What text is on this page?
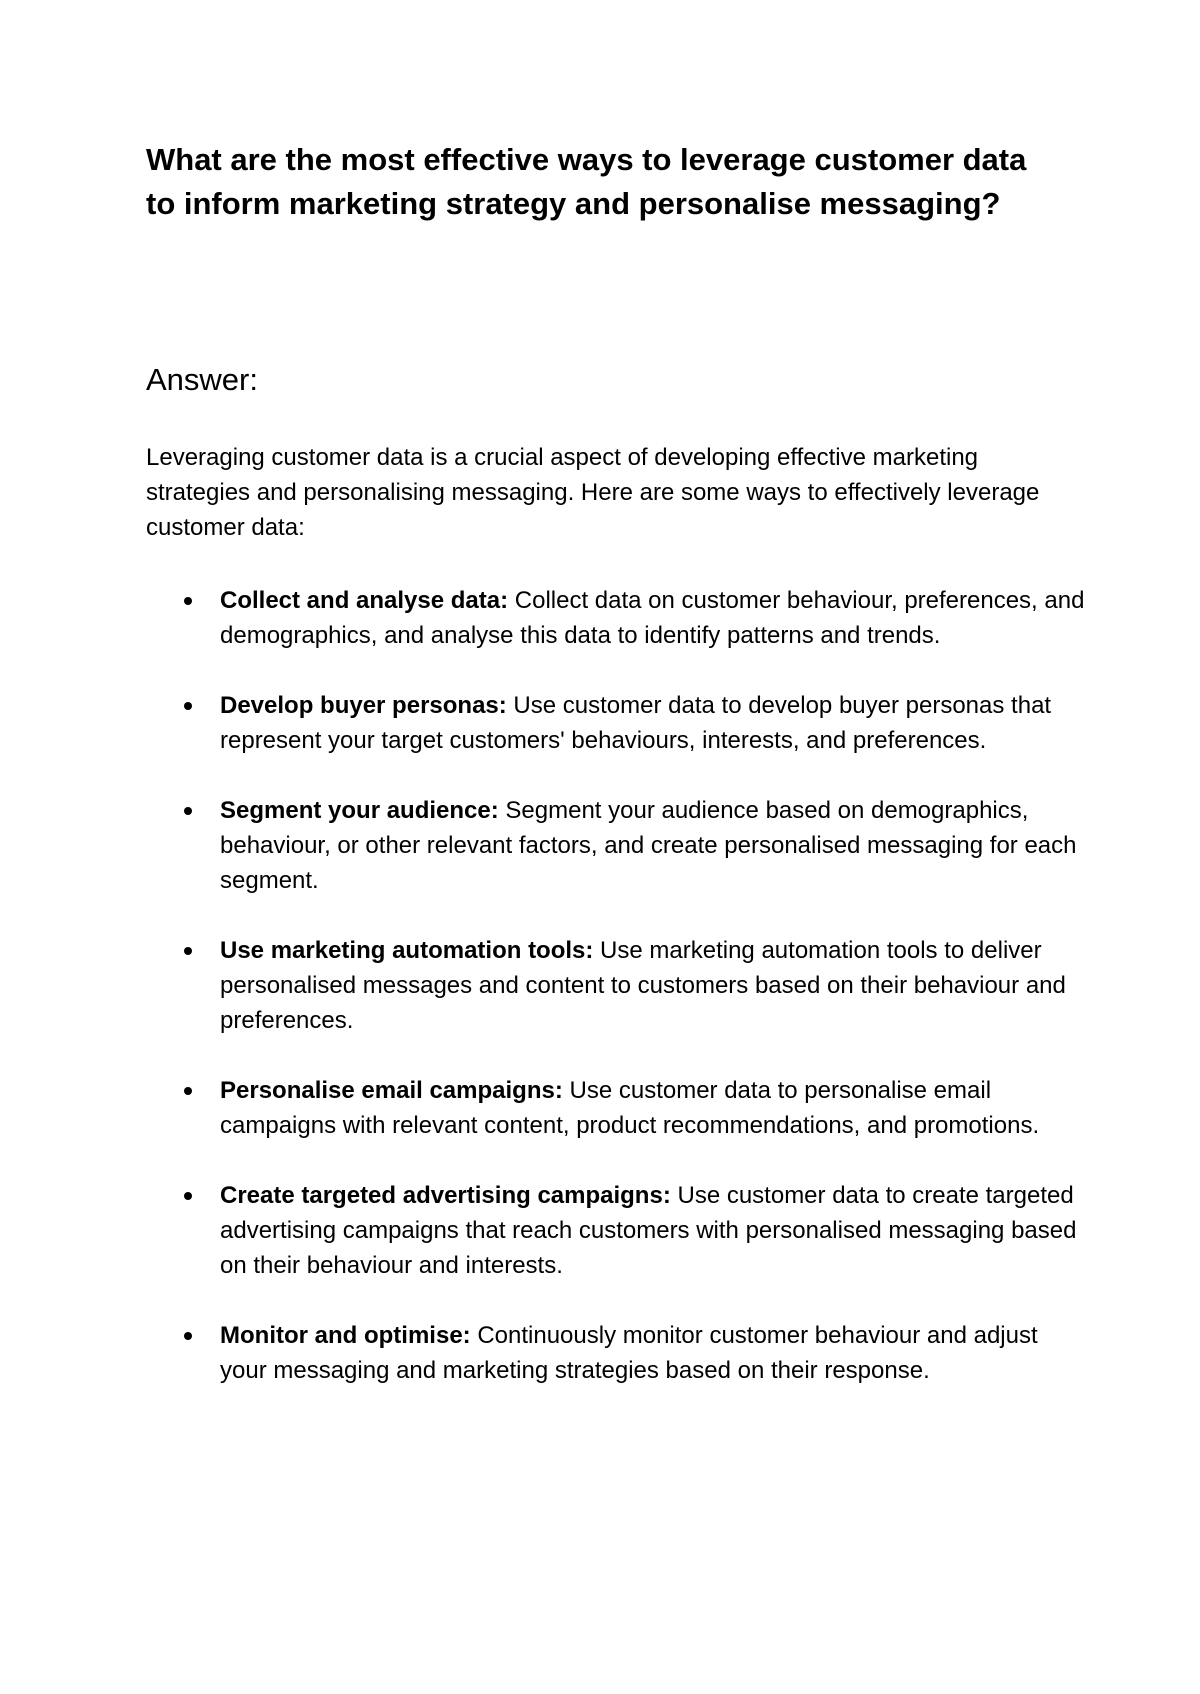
What are the most effective ways to leverage customer data to inform marketing strategy and personalise messaging?
Answer:

Leveraging customer data is a crucial aspect of developing effective marketing strategies and personalising messaging. Here are some ways to effectively leverage customer data:

Collect and analyse data: Collect data on customer behaviour, preferences, and demographics, and analyse this data to identify patterns and trends.
Develop buyer personas: Use customer data to develop buyer personas that represent your target customers' behaviours, interests, and preferences.
Segment your audience: Segment your audience based on demographics, behaviour, or other relevant factors, and create personalised messaging for each segment.
Use marketing automation tools: Use marketing automation tools to deliver personalised messages and content to customers based on their behaviour and preferences.
Personalise email campaigns: Use customer data to personalise email campaigns with relevant content, product recommendations, and promotions.
Create targeted advertising campaigns: Use customer data to create targeted advertising campaigns that reach customers with personalised messaging based on their behaviour and interests.
Monitor and optimise: Continuously monitor customer behaviour and adjust your messaging and marketing strategies based on their response.
